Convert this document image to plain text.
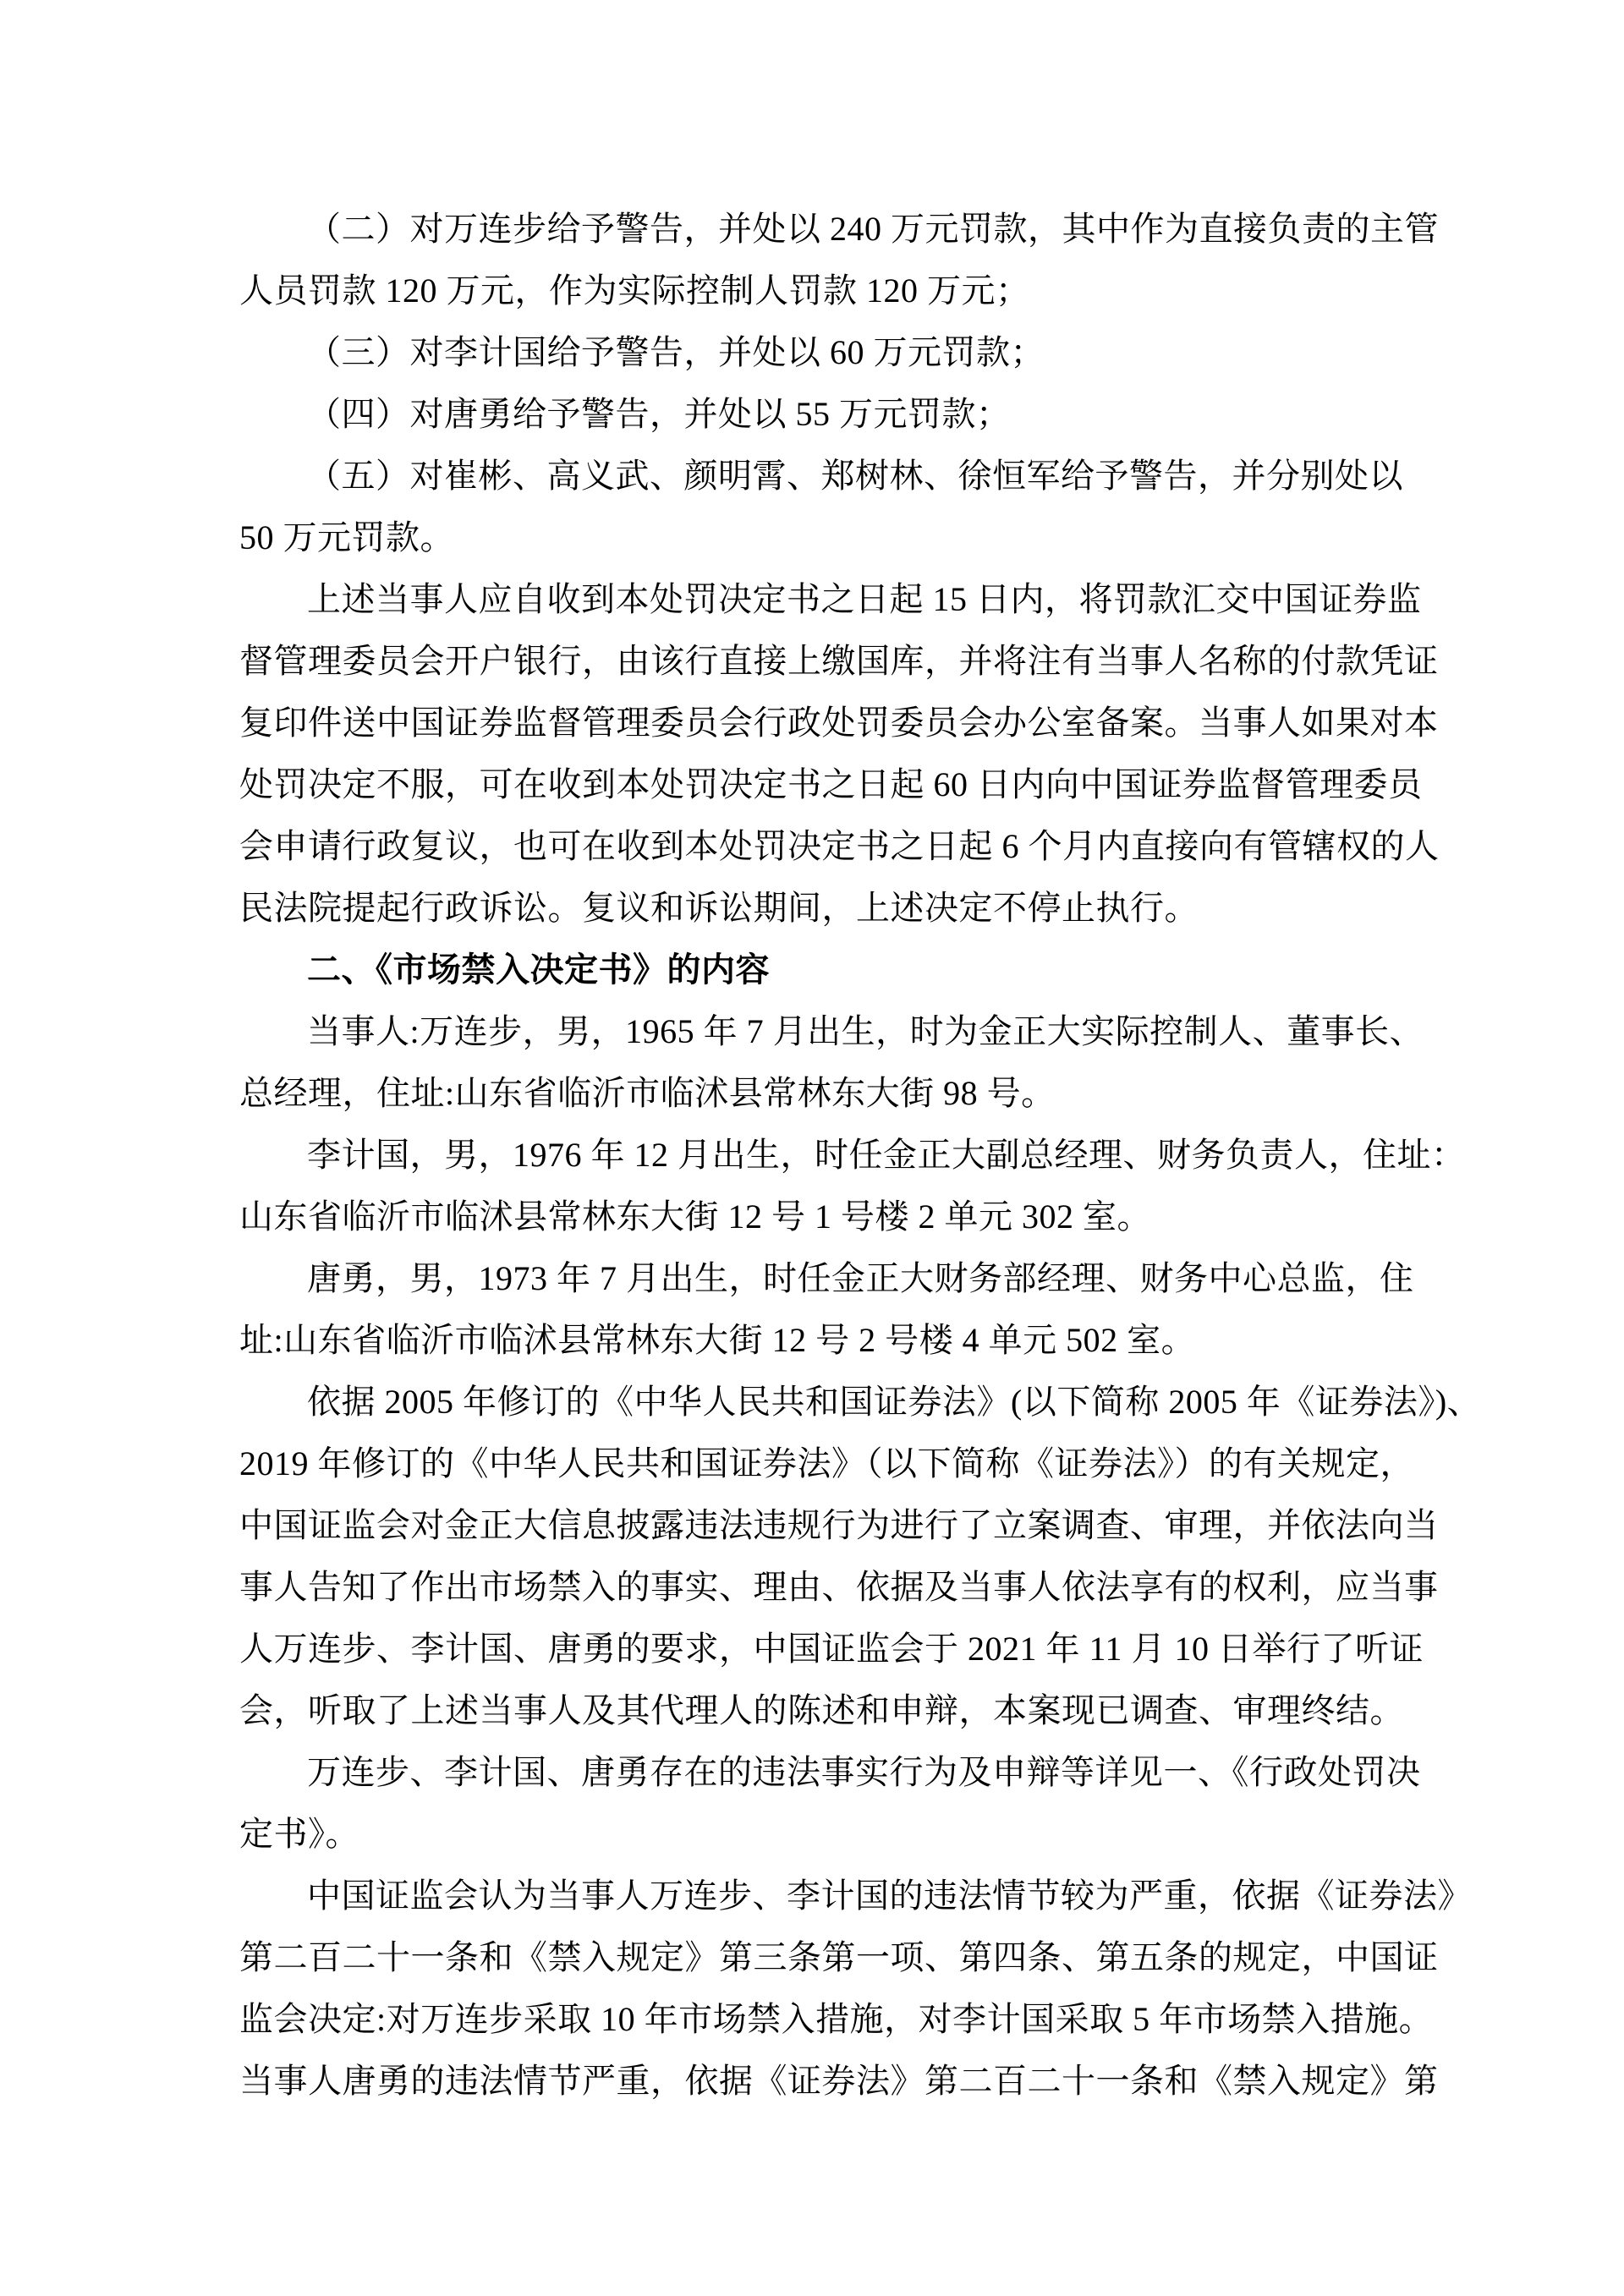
（二）对万连步给予警告，并处以 240 万元罚款，其中作为直接负责的主管
人员罚款 120 万元，作为实际控制人罚款 120 万元；
（三）对李计国给予警告，并处以 60 万元罚款；
（四）对唐勇给予警告，并处以 55 万元罚款；
（五）对崔彬、高义武、颜明霄、郑树林、徐恒军给予警告，并分别处以
50 万元罚款。
上述当事人应自收到本处罚决定书之日起 15 日内，将罚款汇交中国证券监
督管理委员会开户银行，由该行直接上缴国库，并将注有当事人名称的付款凭证
复印件送中国证券监督管理委员会行政处罚委员会办公室备案。当事人如果对本
处罚决定不服，可在收到本处罚决定书之日起 60 日内向中国证券监督管理委员
会申请行政复议，也可在收到本处罚决定书之日起 6 个月内直接向有管辖权的人
民法院提起行政诉讼。复议和诉讼期间，上述决定不停止执行。
二、《市场禁入决定书》的内容
当事人:万连步，男，1965 年 7 月出生，时为金正大实际控制人、董事长、
总经理，住址:山东省临沂市临沭县常林东大街 98 号。
李计国，男，1976 年 12 月出生，时任金正大副总经理、财务负责人，住址：
山东省临沂市临沭县常林东大街 12 号 1 号楼 2 单元 302 室。
唐勇，男，1973 年 7 月出生，时任金正大财务部经理、财务中心总监，住
址:山东省临沂市临沭县常林东大街 12 号 2 号楼 4 单元 502 室。
依据 2005 年修订的《中华人民共和国证券法》(以下简称 2005 年《证券法》)、
2019 年修订的《中华人民共和国证券法》（以下简称《证券法》）的有关规定，
中国证监会对金正大信息披露违法违规行为进行了立案调查、审理，并依法向当
事人告知了作出市场禁入的事实、理由、依据及当事人依法享有的权利，应当事
人万连步、李计国、唐勇的要求，中国证监会于 2021 年 11 月 10 日举行了听证
会，听取了上述当事人及其代理人的陈述和申辩，本案现已调查、审理终结。
万连步、李计国、唐勇存在的违法事实行为及申辩等详见一、《行政处罚决
定书》。
中国证监会认为当事人万连步、李计国的违法情节较为严重，依据《证券法》
第二百二十一条和《禁入规定》第三条第一项、第四条、第五条的规定，中国证
监会决定:对万连步采取 10 年市场禁入措施，对李计国采取 5 年市场禁入措施。
当事人唐勇的违法情节严重，依据《证券法》第二百二十一条和《禁入规定》第
